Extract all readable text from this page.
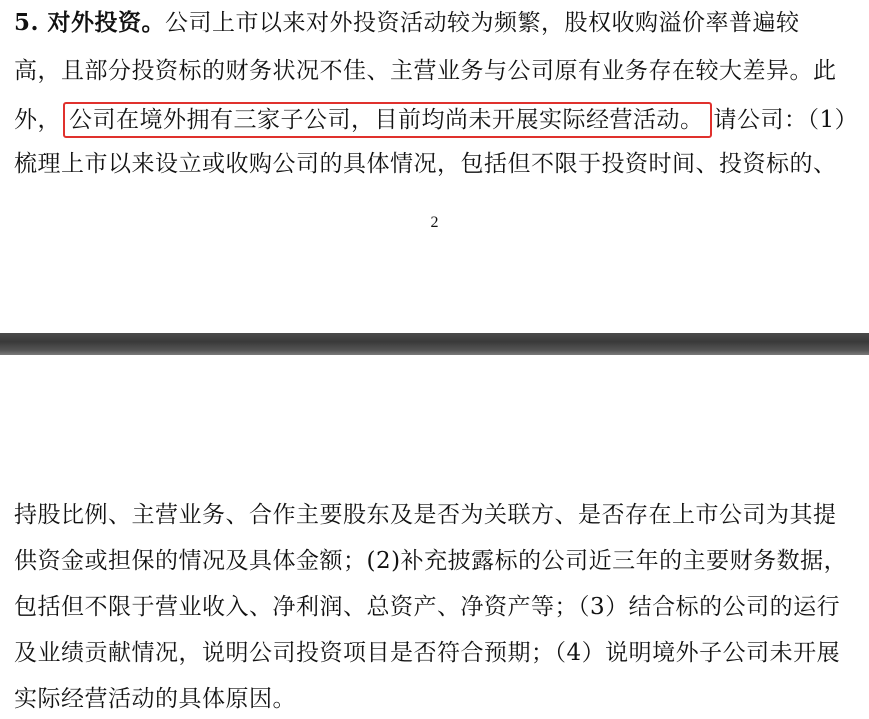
5. 对外投资。公司上市以来对外投资活动较为频繁，股权收购溢价率普遍较
高，且部分投资标的财务状况不佳、主营业务与公司原有业务存在较大差异。此
外， 公司在境外拥有三家子公司，目前均尚未开展实际经营活动。 请公司：（1）
梳理上市以来设立或收购公司的具体情况，包括但不限于投资时间、投资标的、
2
持股比例、主营业务、合作主要股东及是否为关联方、是否存在上市公司为其提
供资金或担保的情况及具体金额；(2)补充披露标的公司近三年的主要财务数据，
包括但不限于营业收入、净利润、总资产、净资产等；（3）结合标的公司的运行
及业绩贡献情况，说明公司投资项目是否符合预期；（4）说明境外子公司未开展
实际经营活动的具体原因。
